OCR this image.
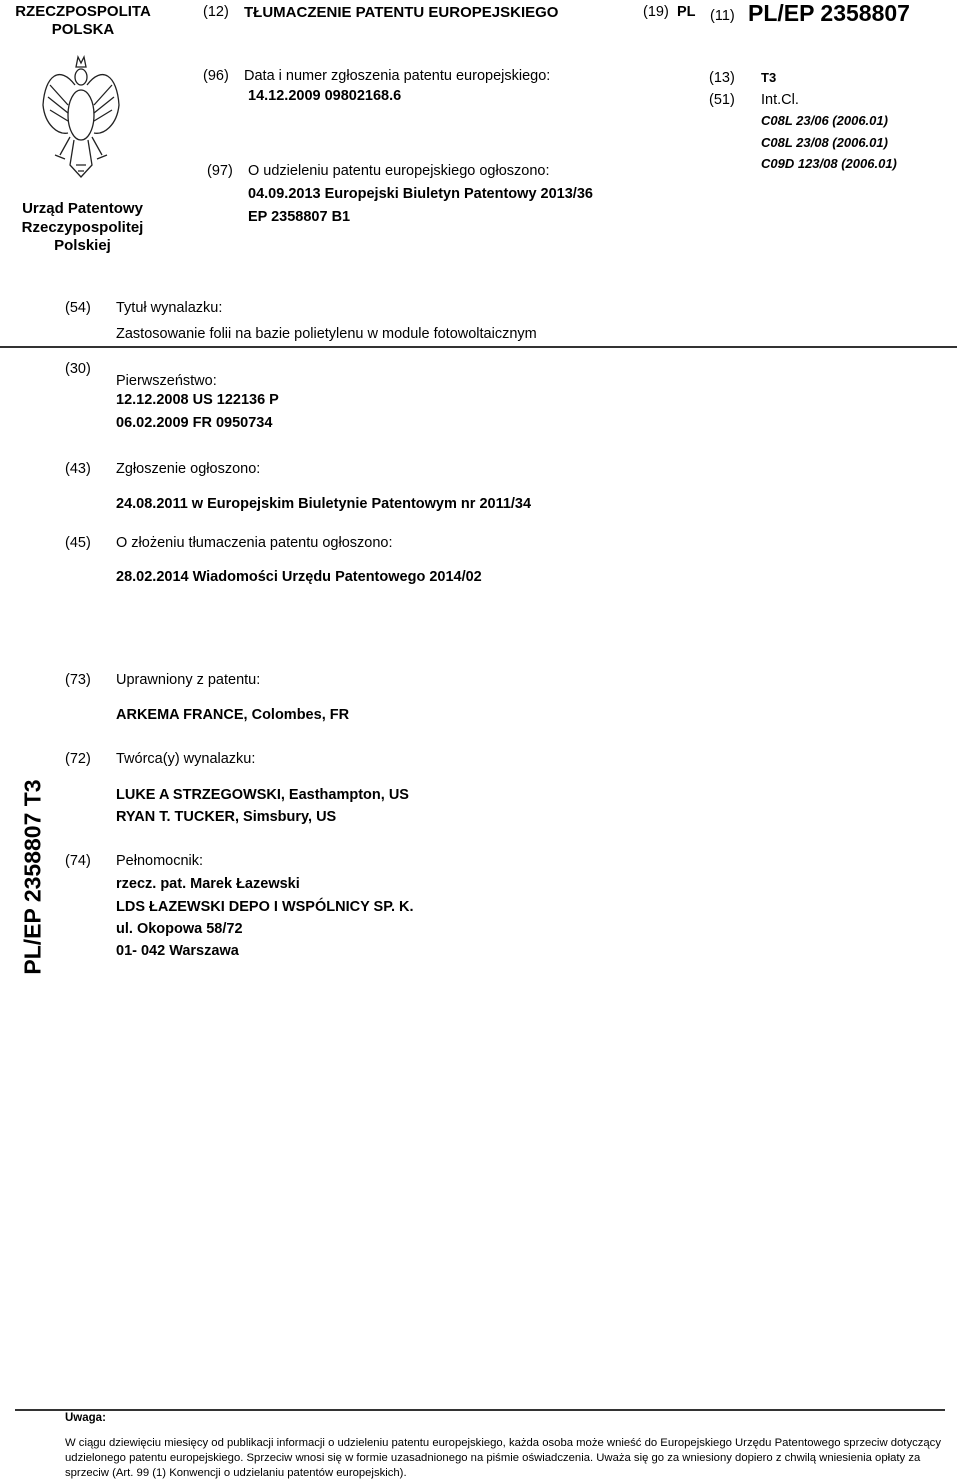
RZECZPOSPOLITA POLSKA
(12) TŁUMACZENIE PATENTU EUROPEJSKIEGO	(19) PL (11) PL/EP 2358807
Urząd Patentowy Rzeczypospolitej Polskiej
(96) Data i numer zgłoszenia patentu europejskiego:
14.12.2009 09802168.6
(97) O udzieleniu patentu europejskiego ogłoszono:
04.09.2013 Europejski Biuletyn Patentowy 2013/36
EP 2358807 B1
(13) T3
(51) Int.Cl.
C08L 23/06 (2006.01)
C08L 23/08 (2006.01)
C09D 123/08 (2006.01)
(54) Tytuł wynalazku:
Zastosowanie folii na bazie polietylenu w module fotowoltaicznym
(30)
Pierwszeństwo:
12.12.2008 US 122136 P
06.02.2009 FR 0950734
(43) Zgłoszenie ogłoszono:
24.08.2011 w Europejskim Biuletynie Patentowym nr 2011/34
(45) O złożeniu tłumaczenia patentu ogłoszono:
28.02.2014 Wiadomości Urzędu Patentowego 2014/02
(73) Uprawniony z patentu:
ARKEMA FRANCE, Colombes, FR
(72) Twórca(y) wynalazku:
LUKE A STRZEGOWSKI, Easthampton, US
RYAN T. TUCKER, Simsbury, US
(74) Pełnomocnik:
rzecz. pat. Marek Łazewski
LDS ŁAZEWSKI DEPO I WSPÓLNICY SP. K.
ul. Okopowa 58/72
01- 042 Warszawa
PL/EP 2358807 T3
Uwaga:
W ciągu dziewięciu miesięcy od publikacji informacji o udzieleniu patentu europejskiego, każda osoba może wnieść do Europejskiego Urzędu Patentowego sprzeciw dotyczący udzielonego patentu europejskiego. Sprzeciw wnosi się w formie uzasadnionego na piśmie oświadczenia. Uważa się go za wniesiony dopiero z chwilą wniesienia opłaty za sprzeciw (Art. 99 (1) Konwencji o udzielaniu patentów europejskich).
